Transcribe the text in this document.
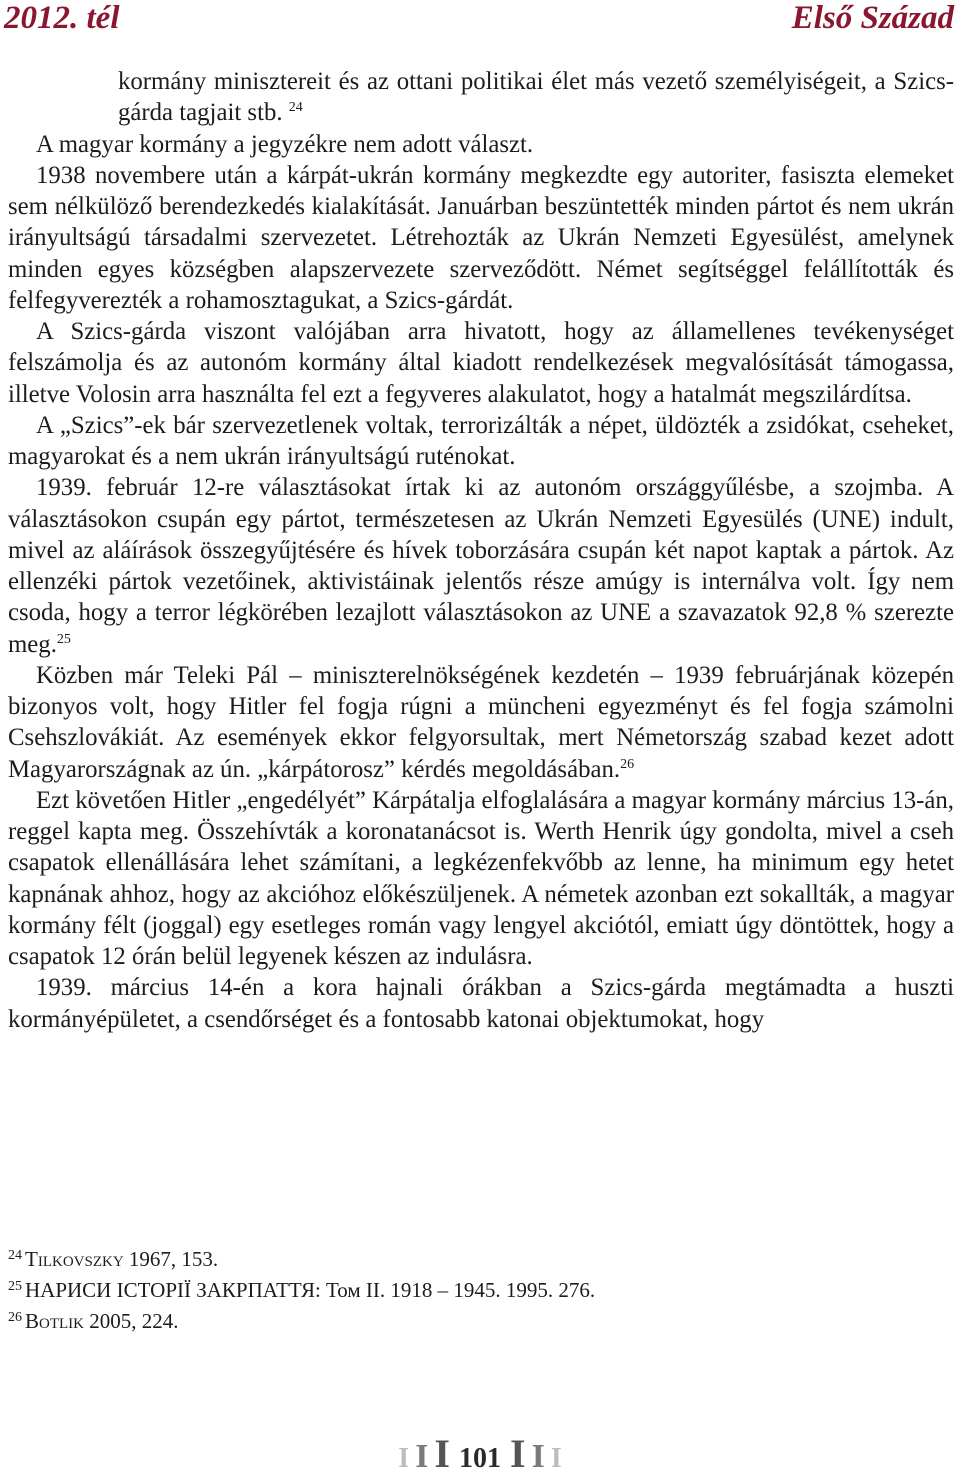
2012. tél	Első Század

kormány minisztereit és az ottani politikai élet más vezető személyiségeit, a Szics-gárda tagjait stb. $^{24}$

A magyar kormány a jegyzékre nem adott választ.

1938 novembere után a kárpát-ukrán kormány megkezdte egy autoriter, fasiszta elemeket sem nélkülöző berendezkedés kialakítását. Januárban beszüntették minden pártot és nem ukrán irányultságú társadalmi szervezetet. Létrehozták az Ukrán Nemzeti Egyesülést, amelynek minden egyes községben alapszervezete szerveződött. Német segítséggel felállították és felfegyverezték a rohamosztagukat, a Szics-gárdát.

A Szics-gárda viszont valójában arra hivatott, hogy az államellenes tevékenységet felszámolja és az autonóm kormány által kiadott rendelkezések megvalósítását támogassa, illetve Volosin arra használta fel ezt a fegyveres alakulatot, hogy a hatalmát megszilárdítsa.

A „Szics”-ek bár szervezetlenek voltak, terrorizálták a népet, üldözték a zsidókat, cseheket, magyarokat és a nem ukrán irányultságú ruténokat.

1939. február 12-re választásokat írtak ki az autonóm országgyűlésbe, a szojmba. A választásokon csupán egy pártot, természetesen az Ukrán Nemzeti Egyesülés (UNE) indult, mivel az aláírások összegyűjtésére és hívek toborzására csupán két napot kaptak a pártok. Az ellenzéki pártok vezetőinek, aktivistáinak jelentős része amúgy is internálva volt. Így nem csoda, hogy a terror légkörében lezajlott választásokon az UNE a szavazatok 92,8 % szerezte meg.$^{25}$

Közben már Teleki Pál – miniszterelnökségének kezdetén – 1939 februárjának közepén bizonyos volt, hogy Hitler fel fogja rúgni a müncheni egyezményt és fel fogja számolni Csehszlovákiát. Az események ekkor felgyorsultak, mert Németország szabad kezet adott Magyarországnak az ún. „kárpátorosz” kérdés megoldásában.$^{26}$

Ezt követően Hitler „engedélyét” Kárpátalja elfoglalására a magyar kormány március 13-án, reggel kapta meg. Összehívták a koronatanácsot is. Werth Henrik úgy gondolta, mivel a cseh csapatok ellenállására lehet számítani, a legkézenfekvőbb az lenne, ha minimum egy hetet kapnának ahhoz, hogy az akcióhoz előkészüljenek. A németek azonban ezt sokallták, a magyar kormány félt (joggal) egy esetleges román vagy lengyel akciótól, emiatt úgy döntöttek, hogy a csapatok 12 órán belül legyenek készen az indulásra.

1939. március 14-én a kora hajnali órákban a Szics-gárda megtámadta a huszti kormányépületet, a csendőrséget és a fontosabb katonai objektumokat, hogy

$^{24}$ Tilkovszky 1967, 153.
$^{25}$ НАРИСИ ІСТОРІЇ ЗАКРПАТТЯ: Том ІІ. 1918 – 1945. 1995. 276.
$^{26}$ Botlik 2005, 224.
I I I 101 I I I
